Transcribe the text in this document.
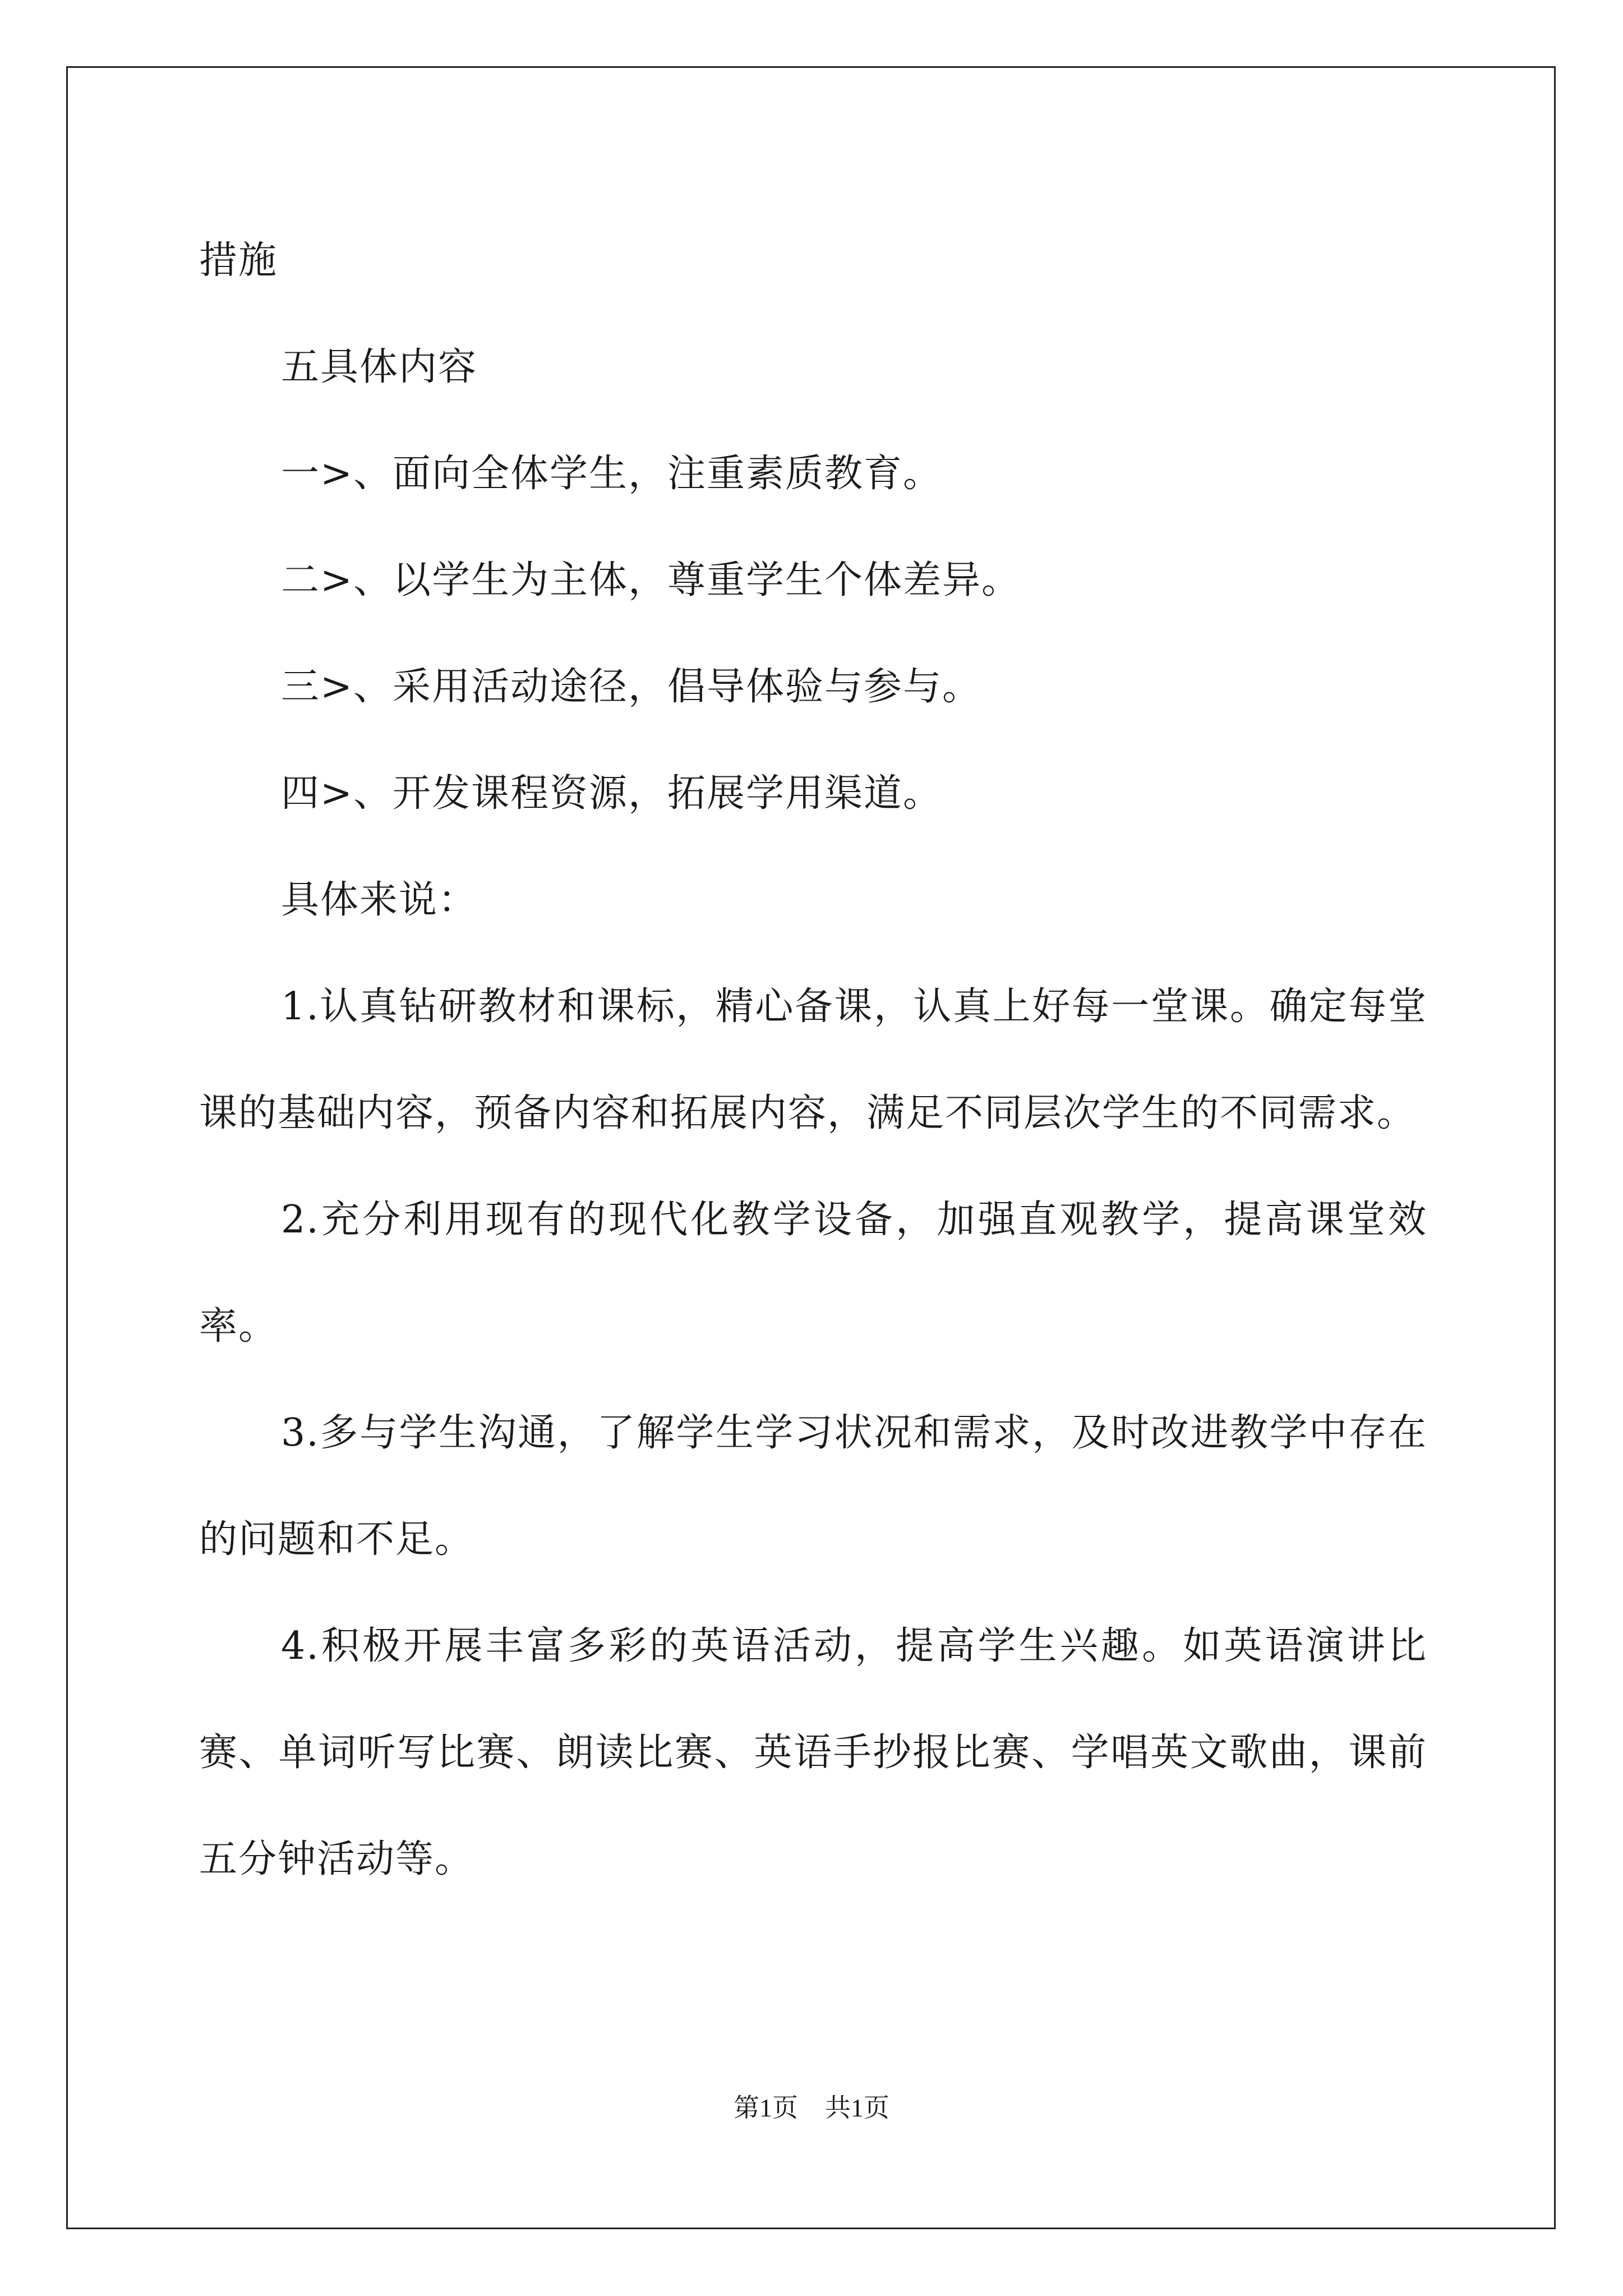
措施

五具体内容

一>、面向全体学生，注重素质教育。

二>、以学生为主体，尊重学生个体差异。

三>、采用活动途径，倡导体验与参与。

四>、开发课程资源，拓展学用渠道。

具体来说：

1.认真钻研教材和课标，精心备课，认真上好每一堂课。确定每堂课的基础内容，预备内容和拓展内容，满足不同层次学生的不同需求。

2.充分利用现有的现代化教学设备，加强直观教学，提高课堂效率。

3.多与学生沟通，了解学生学习状况和需求，及时改进教学中存在的问题和不足。

4.积极开展丰富多彩的英语活动，提高学生兴趣。如英语演讲比赛、单词听写比赛、朗读比赛、英语手抄报比赛、学唱英文歌曲，课前五分钟活动等。

第1页 共1页
